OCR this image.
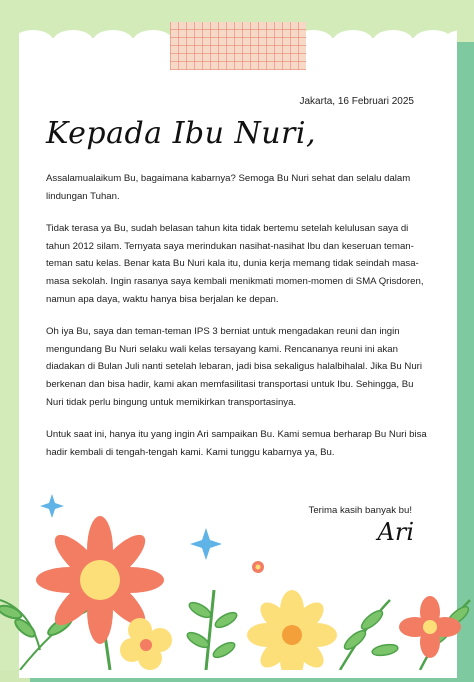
Jakarta, 16 Februari 2025
Kepada Ibu Nuri,

Assalamualaikum Bu, bagaimana kabarnya? Semoga Bu Nuri sehat dan selalu dalam lindungan Tuhan.

Tidak terasa ya Bu, sudah belasan tahun kita tidak bertemu setelah kelulusan saya di tahun 2012 silam. Ternyata saya merindukan nasihat-nasihat Ibu dan keseruan teman-teman satu kelas. Benar kata Bu Nuri kala itu, dunia kerja memang tidak seindah masa-masa sekolah. Ingin rasanya saya kembali menikmati momen-momen di SMA Qrisdoren, namun apa daya, waktu hanya bisa berjalan ke depan.

Oh iya Bu, saya dan teman-teman IPS 3 berniat untuk mengadakan reuni dan ingin mengundang Bu Nuri selaku wali kelas tersayang kami. Rencananya reuni ini akan diadakan di Bulan Juli nanti setelah lebaran, jadi bisa sekaligus halalbihalal. Jika Bu Nuri berkenan dan bisa hadir, kami akan memfasilitasi transportasi untuk Ibu. Sehingga, Bu Nuri tidak perlu bingung untuk memikirkan transportasinya.

Untuk saat ini, hanya itu yang ingin Ari sampaikan Bu. Kami semua berharap Bu Nuri bisa hadir kembali di tengah-tengah kami. Kami tunggu kabarnya ya, Bu.

Terima kasih banyak bu!
Ari
